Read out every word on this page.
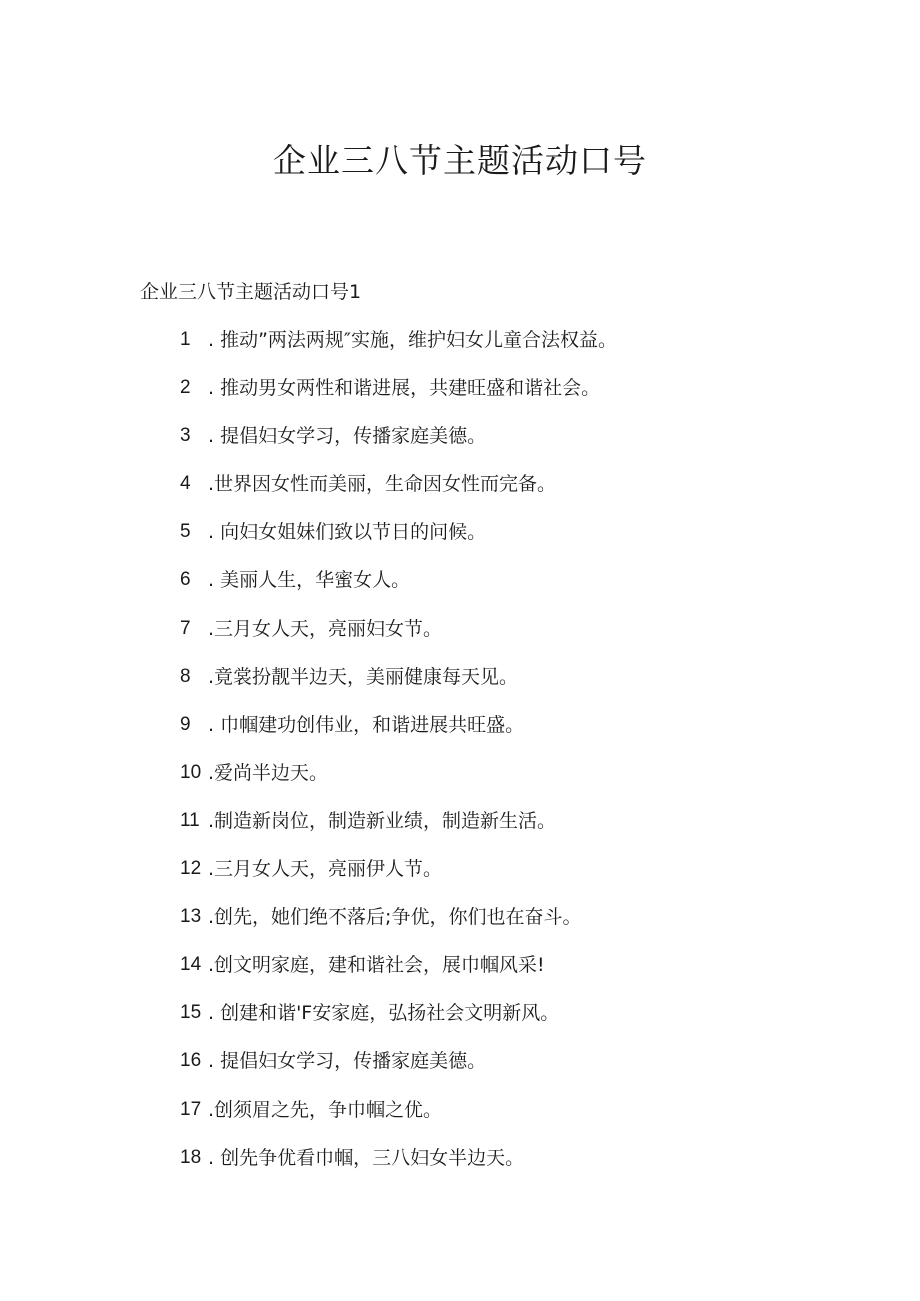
企业三八节主题活动口号
企业三八节主题活动口号1
1 . 推动”两法两规″实施，维护妇女儿童合法权益。
2 . 推动男女两性和谐进展，共建旺盛和谐社会。
3 . 提倡妇女学习，传播家庭美德。
4 .世界因女性而美丽，生命因女性而完备。
5 . 向妇女姐妹们致以节日的问候。
6 . 美丽人生，华蜜女人。
7 .三月女人天，亮丽妇女节。
8 .竟裳扮靓半边天，美丽健康每天见。
9 . 巾帼建功创伟业，和谐进展共旺盛。
10 .爱尚半边天。
11 .制造新岗位，制造新业绩，制造新生活。
12 .三月女人天，亮丽伊人节。
13 .创先，她们绝不落后;争优，你们也在奋斗。
14 .创文明家庭，建和谐社会，展巾帼风采!
15 . 创建和谐'F安家庭，弘扬社会文明新风。
16 . 提倡妇女学习，传播家庭美德。
17 .创须眉之先，争巾帼之优。
18 . 创先争优看巾帼，三八妇女半边天。
